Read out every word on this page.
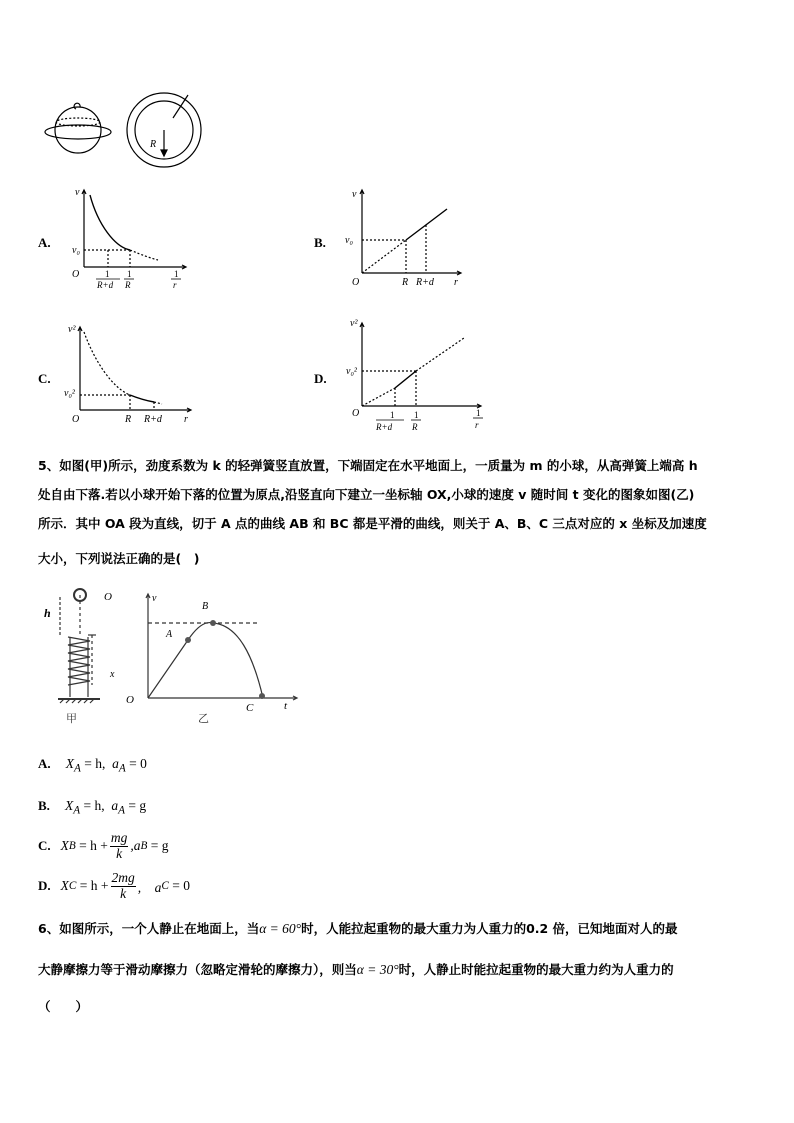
R
A.
v
v₀
O	1
R+d
1
R
1
r
B.
v
v₀
O	R R+d r
C.
v²
v₀²
O	R R+d r
D.
v²
v₀²
O	1
R+d
1
R
1
r
5、如图(甲)所示，劲度系数为 k 的轻弹簧竖直放置，下端固定在水平地面上，一质量为 m 的小球，从高弹簧上端高 h
处自由下落.若以小球开始下落的位置为原点,沿竖直向下建立一坐标轴 OX,小球的速度 v 随时间 t 变化的图象如图(乙)
所示．其中 OA 段为直线，切于 A 点的曲线 AB 和 BC 都是平滑的曲线，则关于 A、B、C 三点对应的 x 坐标及加速度
大小，下列说法正确的是(　)
h
O
x
甲
O
v
A
B
C	t
乙
A. $X_A = h$, $a_A = 0$
B. $X_A = h$, $a_A = g$
C. X B
= $h + \frac{mg}{k} ,a$ B
= g
D. X C
= $h + \frac{2mg}{k}$ ,　a C
= 0
6、如图所示，一个人静止在地面上，当α = 60°时，人能拉起重物的最大重力为人重力的0.2 倍，已知地面对人的最
大静摩擦力等于滑动摩擦力（忽略定滑轮的摩擦力），则当α = 30°时，人静止时能拉起重物的最大重力约为人重力的
（　　）
